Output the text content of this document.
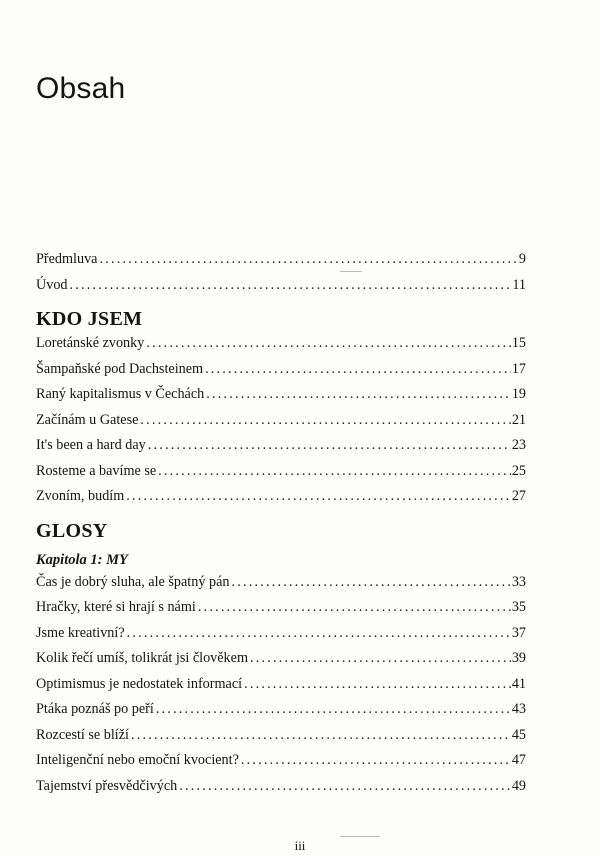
Obsah
Předmluva .....	9
Úvod .....	11
KDO JSEM
Loretánské zvonky .....	15
Šampaňské pod Dachsteinem .....	17
Raný kapitalismus v Čechách .....	19
Začínám u Gatese .....	21
It's been a hard day .....	23
Rosteme a bavíme se .....	25
Zvoním, budím .....	27
GLOSY
Kapitola 1: MY
Čas je dobrý sluha, ale špatný pán .....	33
Hračky, které si hrají s námi .....	35
Jsme kreativní? .....	37
Kolik řečí umíš, tolikrát jsi člověkem .....	39
Optimismus je nedostatek informací .....	41
Ptáka poznáš po peří .....	43
Rozcestí se blíží .....	45
Inteligenční nebo emoční kvocient? .....	47
Tajemství přesvědčivých .....	49
iii
